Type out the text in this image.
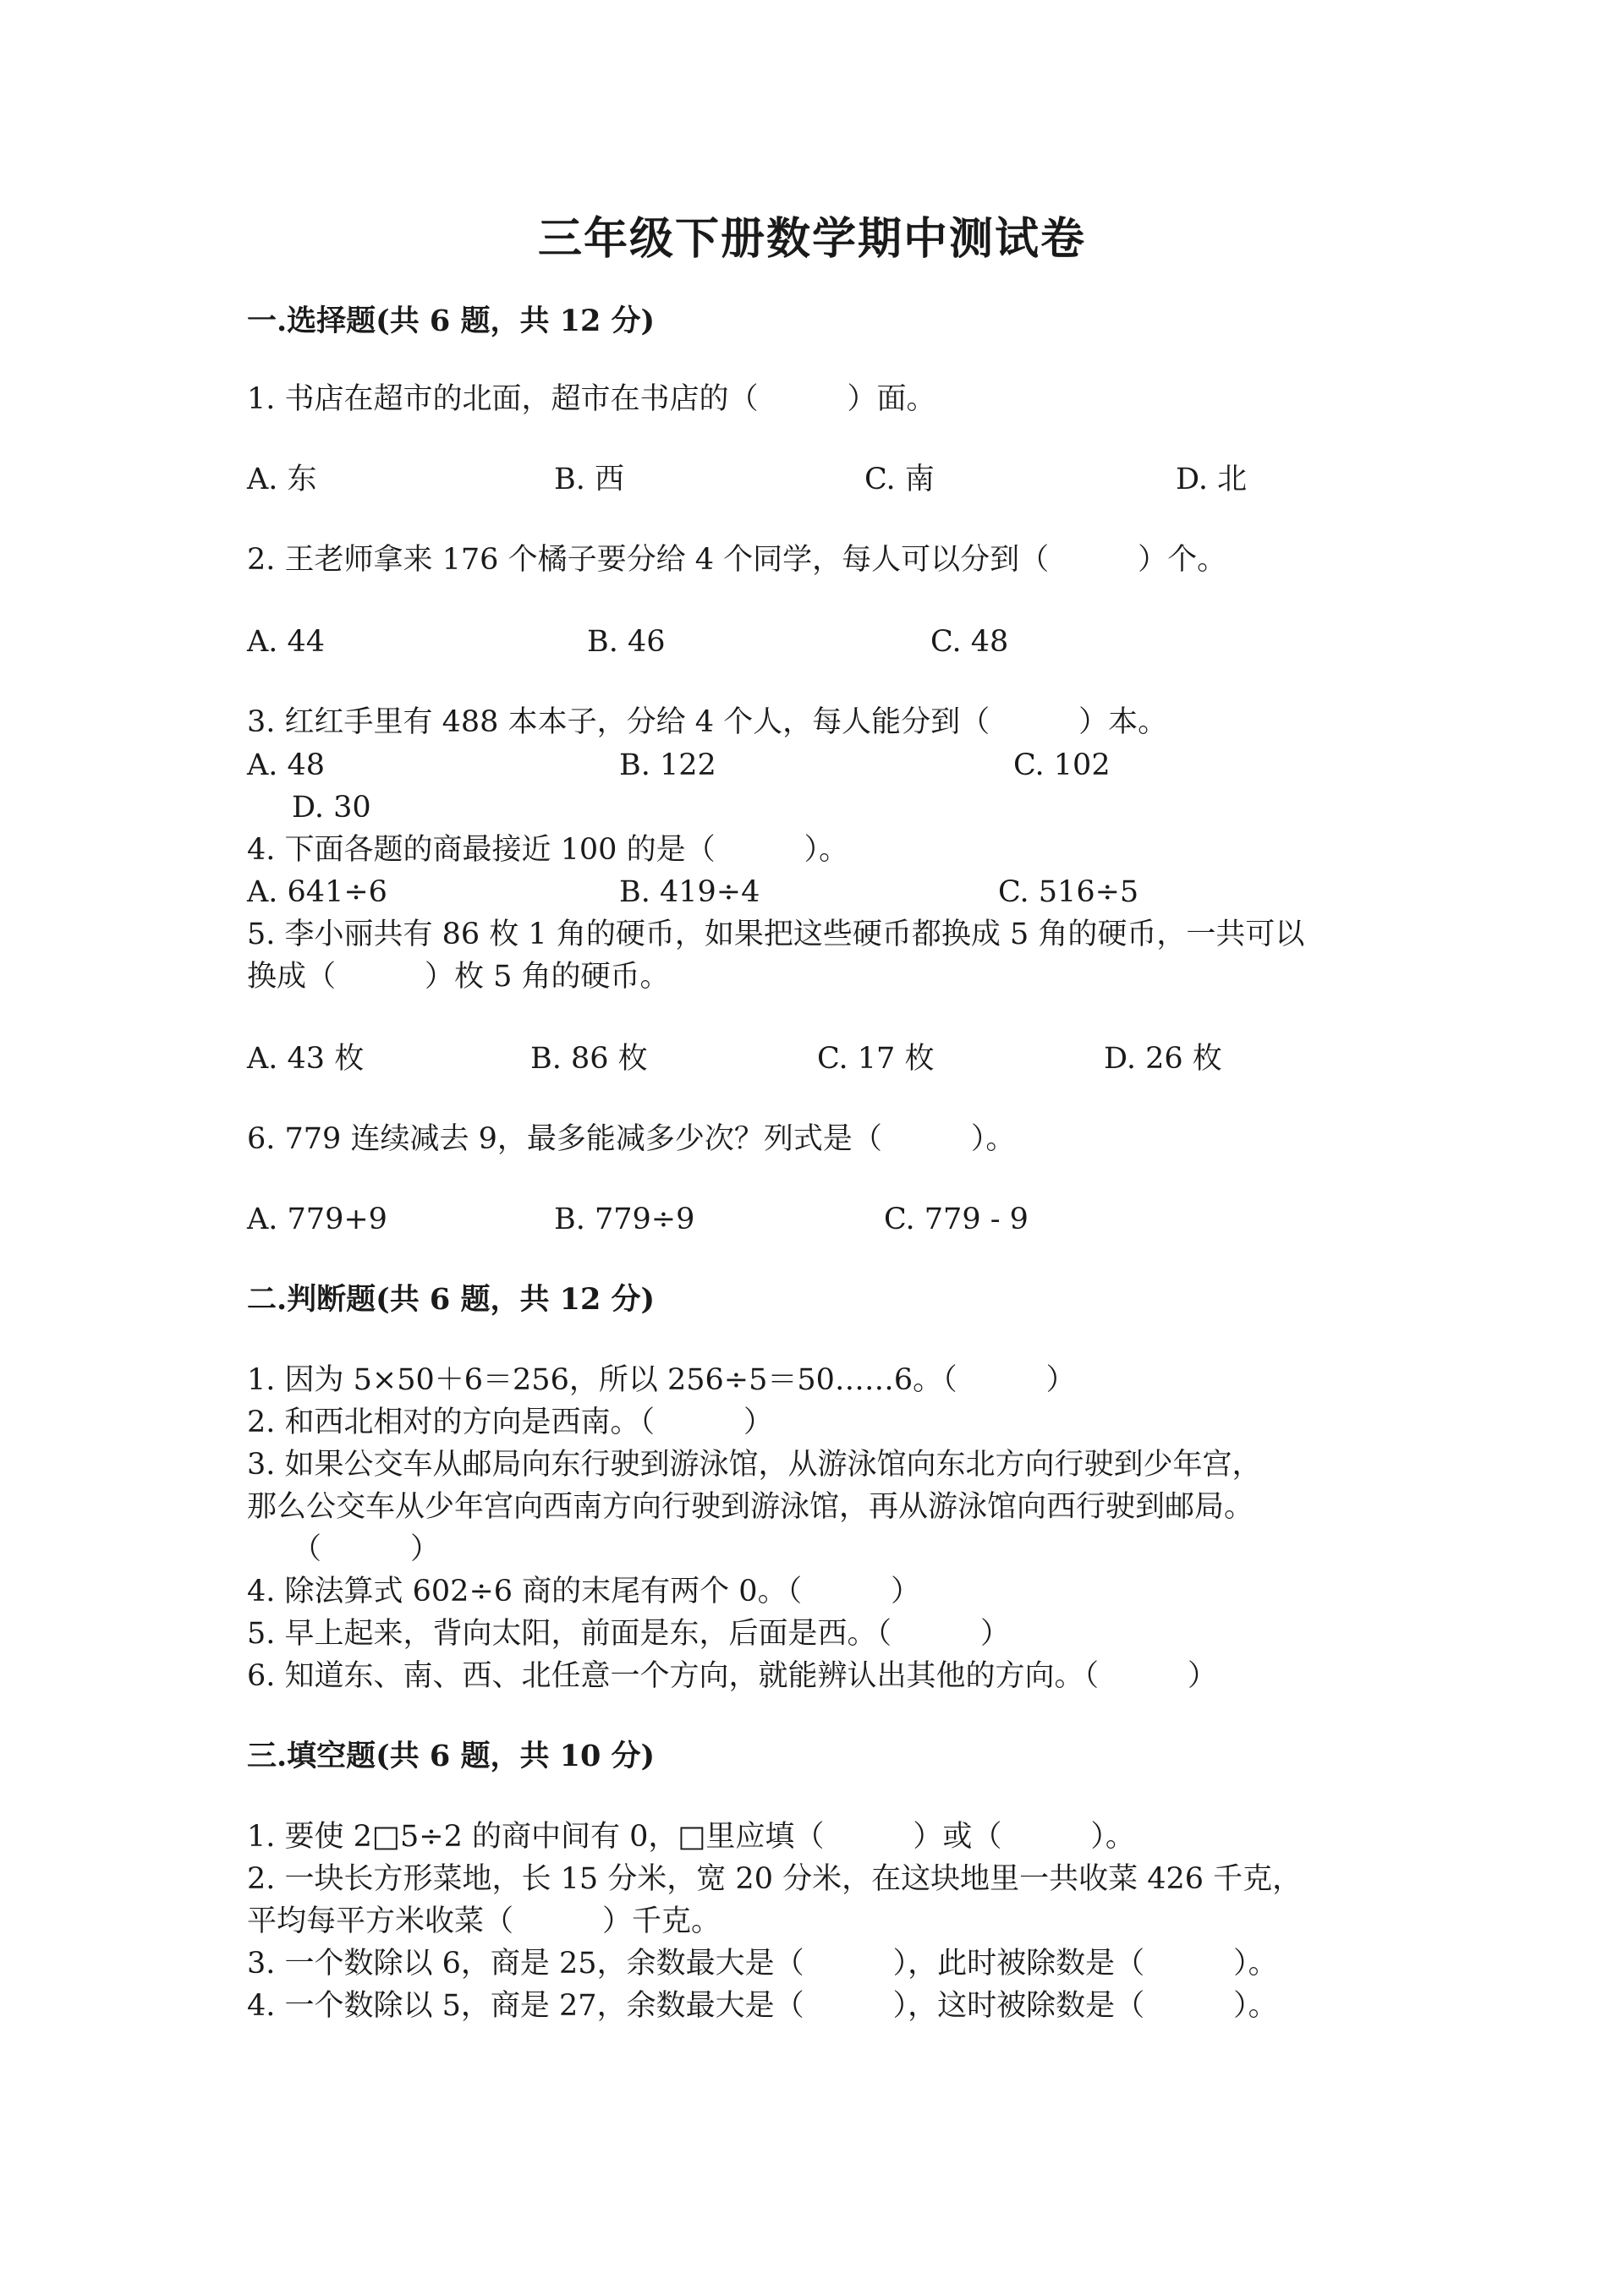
三年级下册数学期中测试卷
一.选择题(共 6 题，共 12 分)
1. 书店在超市的北面，超市在书店的（　　　）面。
A. 东	B. 西	C. 南	D. 北
2. 王老师拿来 176 个橘子要分给 4 个同学，每人可以分到（　　　）个。
A. 44	B. 46	C. 48
3. 红红手里有 488 本本子，分给 4 个人，每人能分到（　　　）本。
A. 48	B. 122	C. 102
D. 30
4. 下面各题的商最接近 100 的是（　　　）。
A. 641÷6	B. 419÷4	C. 516÷5
5. 李小丽共有 86 枚 1 角的硬币，如果把这些硬币都换成 5 角的硬币，一共可以
换成（　　　）枚 5 角的硬币。
A. 43 枚	B. 86 枚	C. 17 枚	D. 26 枚
6. 779 连续减去 9，最多能减多少次？列式是（　　　）。
A. 779+9	B. 779÷9	C. 779 - 9
二.判断题(共 6 题，共 12 分)
1. 因为 5×50＋6＝256，所以 256÷5＝50……6。（　　　）
2. 和西北相对的方向是西南。（　　　）
3. 如果公交车从邮局向东行驶到游泳馆，从游泳馆向东北方向行驶到少年宫，
那么公交车从少年宫向西南方向行驶到游泳馆，再从游泳馆向西行驶到邮局。
（　　　）
4. 除法算式 602÷6 商的末尾有两个 0。（　　　）
5. 早上起来，背向太阳，前面是东，后面是西。（　　　）
6. 知道东、南、西、北任意一个方向，就能辨认出其他的方向。（　　　）
三.填空题(共 6 题，共 10 分)
1. 要使 2□5÷2 的商中间有 0，□里应填（　　　）或（　　　）。
2. 一块长方形菜地，长 15 分米，宽 20 分米，在这块地里一共收菜 426 千克，
平均每平方米收菜（　　　）千克。
3. 一个数除以 6，商是 25，余数最大是（　　　），此时被除数是（　　　）。
4. 一个数除以 5，商是 27，余数最大是（　　　），这时被除数是（　　　）。
